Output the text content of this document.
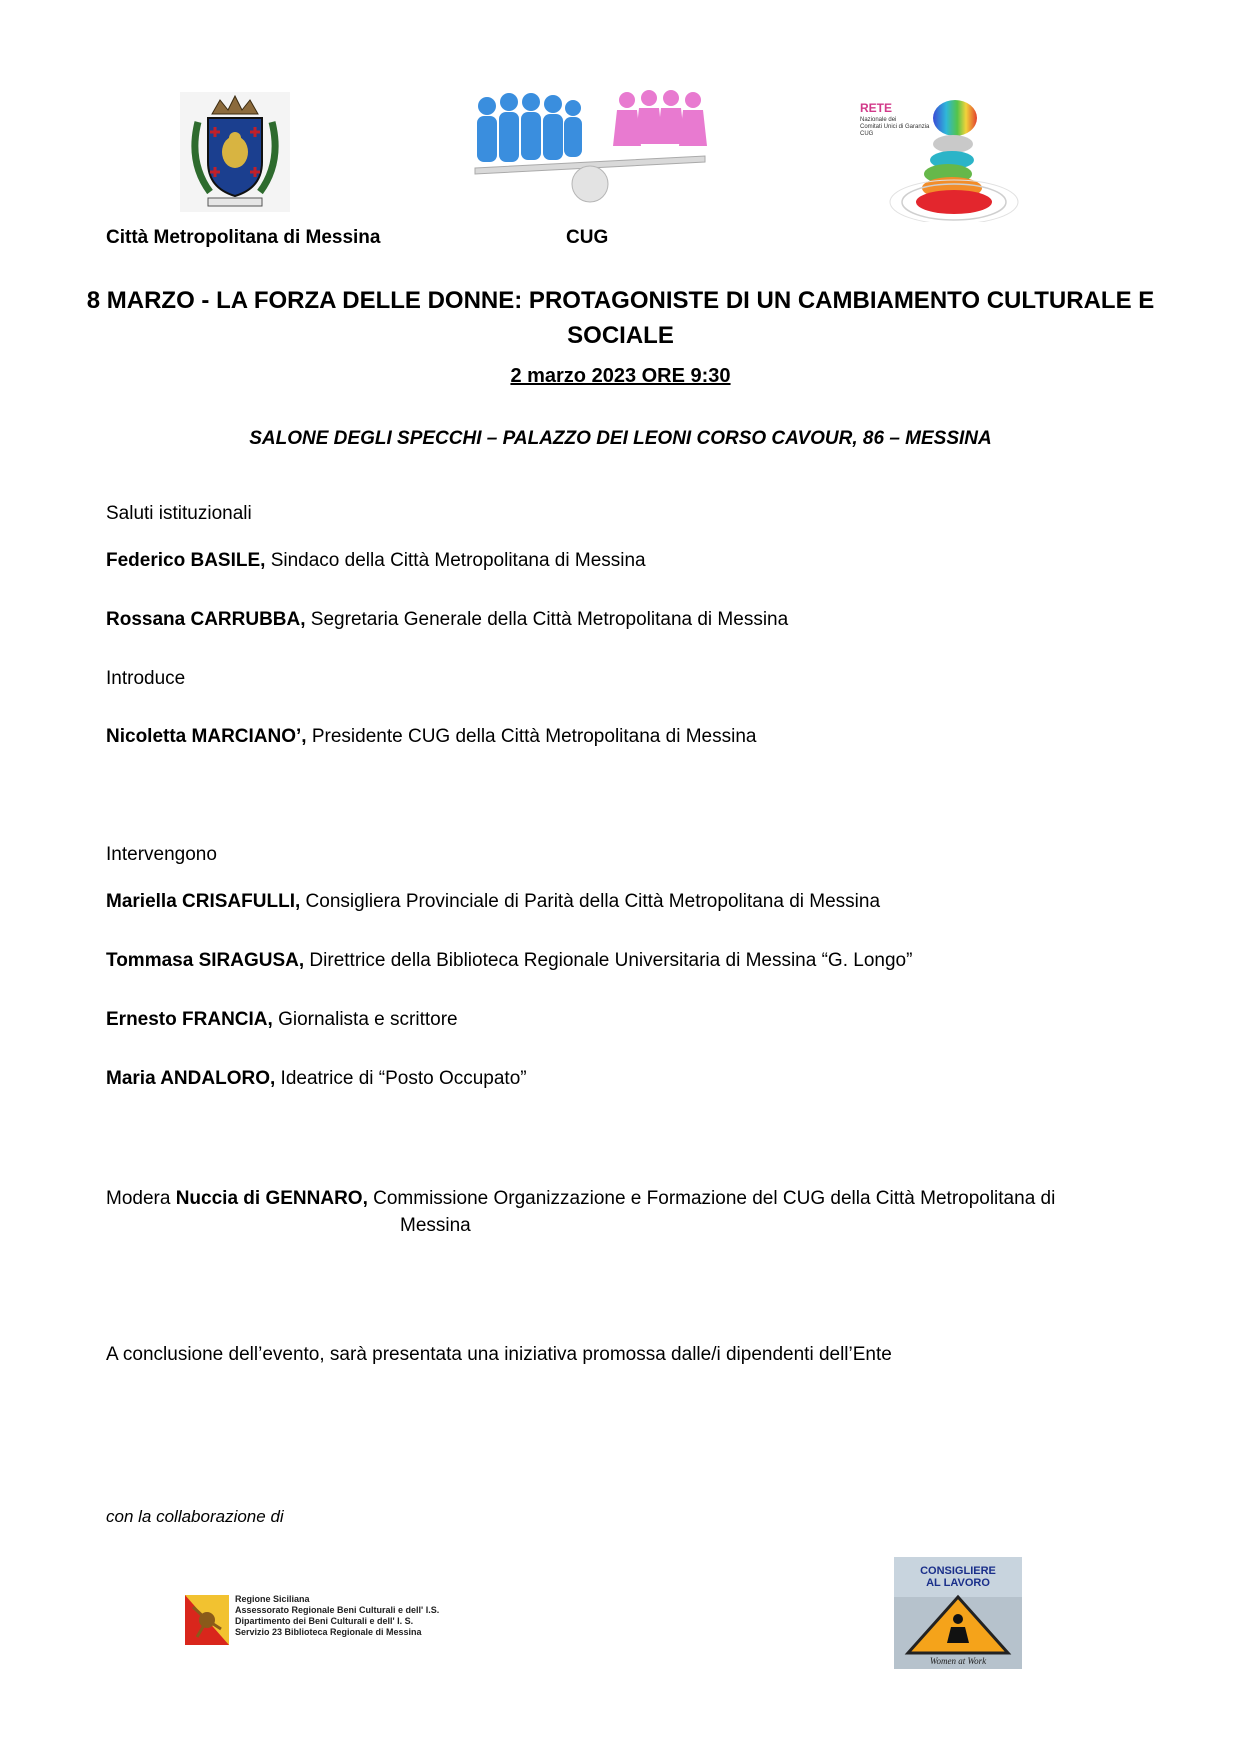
RETE
Nazionale dei
Comitati Unici di Garanzia
CUG
Città Metropolitana di Messina	CUG
8 MARZO - LA FORZA DELLE DONNE: PROTAGONISTE DI UN CAMBIAMENTO CULTURALE E SOCIALE
2 marzo 2023 ORE 9:30
SALONE DEGLI SPECCHI – PALAZZO DEI LEONI CORSO CAVOUR, 86 – MESSINA
Saluti istituzionali
Federico BASILE, Sindaco della Città Metropolitana di Messina
Rossana CARRUBBA, Segretaria Generale della Città Metropolitana di Messina
Introduce
Nicoletta MARCIANO’, Presidente CUG della Città Metropolitana di Messina
Intervengono
Mariella CRISAFULLI, Consigliera Provinciale di Parità della Città Metropolitana di Messina
Tommasa SIRAGUSA, Direttrice della Biblioteca Regionale Universitaria di Messina “G. Longo”
Ernesto FRANCIA, Giornalista e scrittore
Maria ANDALORO, Ideatrice di “Posto Occupato”
Modera Nuccia di GENNARO, Commissione Organizzazione e Formazione del CUG della Città Metropolitana di
Messina
A conclusione dell’evento, sarà presentata una iniziativa promossa dalle/i dipendenti dell’Ente
con la collaborazione di
Regione Siciliana
Assessorato Regionale Beni Culturali e dell' I.S.
Dipartimento dei Beni Culturali e dell' I. S.
Servizio 23 Biblioteca Regionale di Messina
CONSIGLIERE
AL LAVORO
Women at Work
